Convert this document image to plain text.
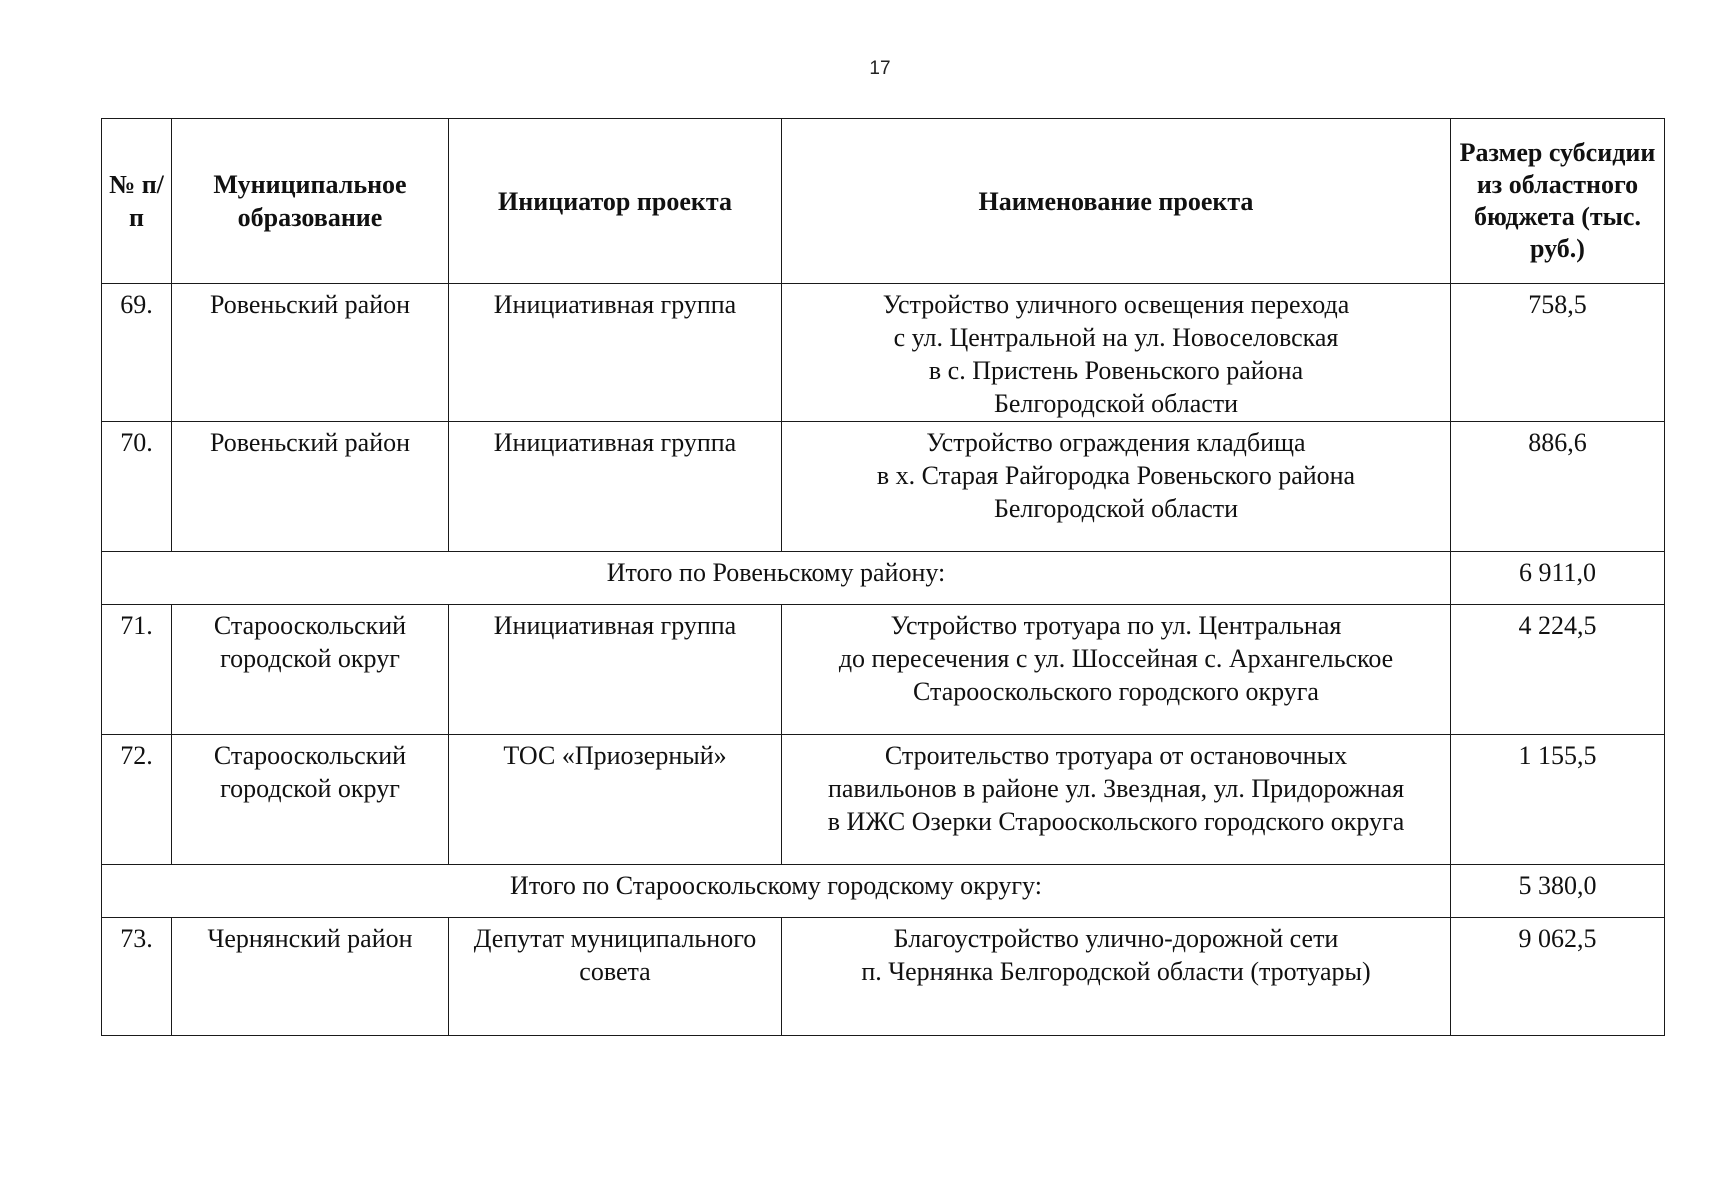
17
№ п/п	Муниципальное образование	Инициатор проекта	Наименование проекта	Размер субсидии из областного бюджета (тыс. руб.)
69.	Ровеньский район	Инициативная группа	Устройство уличного освещения перехода
с ул. Центральной на ул. Новоселовская
в с. Пристень Ровеньского района
Белгородской области	758,5
70.	Ровеньский район	Инициативная группа	Устройство ограждения кладбища
в х. Старая Райгородка Ровеньского района
Белгородской области	886,6
Итого по Ровеньскому району:				6 911,0
71.	Старооскольский городской округ	Инициативная группа	Устройство тротуара по ул. Центральная
до пересечения с ул. Шоссейная с. Архангельское
Старооскольского городского округа	4 224,5
72.	Старооскольский городской округ	ТОС «Приозерный»	Строительство тротуара от остановочных
павильонов в районе ул. Звездная, ул. Придорожная
в ИЖС Озерки Старооскольского городского округа	1 155,5
Итого по Старооскольскому городскому округу:				5 380,0
73.	Чернянский район	Депутат муниципального совета	Благоустройство улично-дорожной сети
п. Чернянка Белгородской области (тротуары)	9 062,5
